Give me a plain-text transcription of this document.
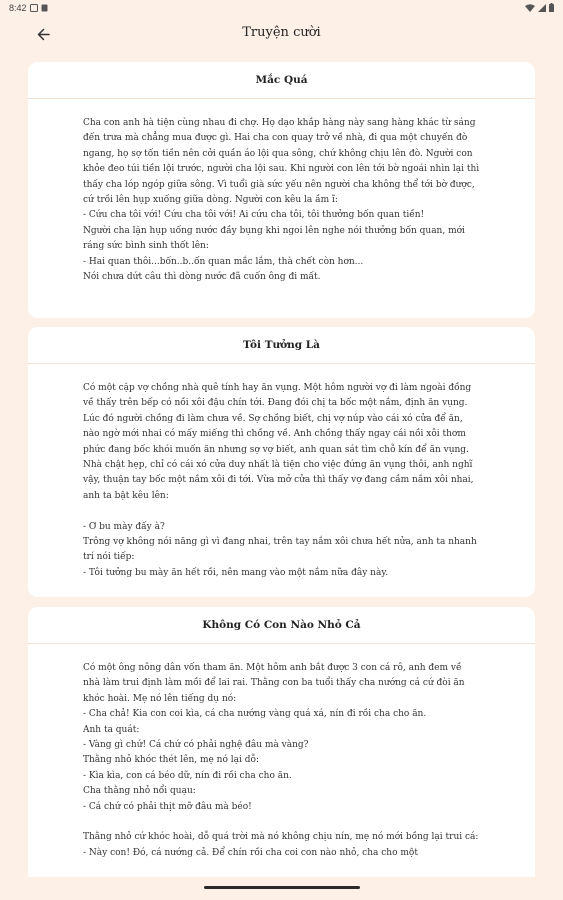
8:42
Truyện cười
Mắc Quá
Cha con anh hà tiện cùng nhau đi chợ. Họ dạo khắp hàng này sang hàng khác từ sáng đến trưa mà chẳng mua được gì. Hai cha con quay trở về nhà, đi qua một chuyến đò ngang, họ sợ tốn tiền nên cởi quần áo lội qua sông, chứ không chịu lên đò. Người con khỏe đeo túi tiền lội trước, người cha lội sau. Khi người con lên tới bờ ngoái nhìn lại thì thấy cha lóp ngóp giữa sông. Vì tuổi già sức yếu nên người cha không thể tới bờ được, cứ trồi lên hụp xuống giữa dòng. Người con kêu la ầm ĩ:
- Cứu cha tôi với! Cứu cha tôi với! Ai cứu cha tôi, tôi thưởng bốn quan tiền!
Người cha lặn hụp uống nước đầy bụng khi ngoi lên nghe nói thưởng bốn quan, mới ráng sức bình sinh thốt lên:
- Hai quan thôi...bốn..b..ốn quan mắc lắm, thà chết còn hơn...
Nói chưa dứt câu thì dòng nước đã cuốn ông đi mất.
Tôi Tưởng Là
Có một cặp vợ chồng nhà quê tính hay ăn vụng. Một hôm người vợ đi làm ngoài đồng về thấy trên bếp có nồi xôi đậu chín tới. Đang đói chị ta bốc một nắm, định ăn vụng. Lúc đó người chồng đi làm chưa về. Sợ chồng biết, chị vợ núp vào cái xó cửa để ăn, nào ngờ mới nhai có mấy miếng thì chồng về. Anh chồng thấy ngay cái nồi xôi thơm phức đang bốc khói muốn ăn nhưng sợ vợ biết, anh quan sát tìm chỗ kín để ăn vụng. Nhà chật hẹp, chỉ có cái xó cửa duy nhất là tiện cho việc đứng ăn vụng thôi, anh nghĩ vậy, thuận tay bốc một nắm xôi đi tới. Vừa mở cửa thì thấy vợ đang cầm nắm xôi nhai, anh ta bật kêu lên:

- Ơ bu mày đấy à?
Trông vợ không nói năng gì vì đang nhai, trên tay nắm xôi chưa hết nửa, anh ta nhanh trí nói tiếp:
- Tôi tưởng bu mày ăn hết rồi, nên mang vào một nắm nữa đây này.
Không Có Con Nào Nhỏ Cả
Có một ông nông dân vốn tham ăn. Một hôm anh bắt được 3 con cá rô, anh đem về nhà làm trui định làm mồi để lai rai. Thằng con ba tuổi thấy cha nướng cá cứ đòi ăn khóc hoài. Mẹ nó lên tiếng dụ nó:
- Cha chả! Kia con coi kìa, cá cha nướng vàng quá xá, nín đi rồi cha cho ăn.
Anh ta quát:
- Vàng gì chứ! Cá chứ có phải nghệ đâu mà vàng?
Thằng nhỏ khóc thét lên, mẹ nó lại dỗ:
- Kìa kìa, con cá béo dữ, nín đi rồi cha cho ăn.
Cha thằng nhỏ nổi quạu:
- Cá chứ có phải thịt mỡ đâu mà béo!

Thằng nhỏ cứ khóc hoài, dỗ quá trời mà nó không chịu nín, mẹ nó mới bồng lại trui cá:
- Này con! Đó, cá nướng cả. Để chín rồi cha coi con nào nhỏ, cha cho một
